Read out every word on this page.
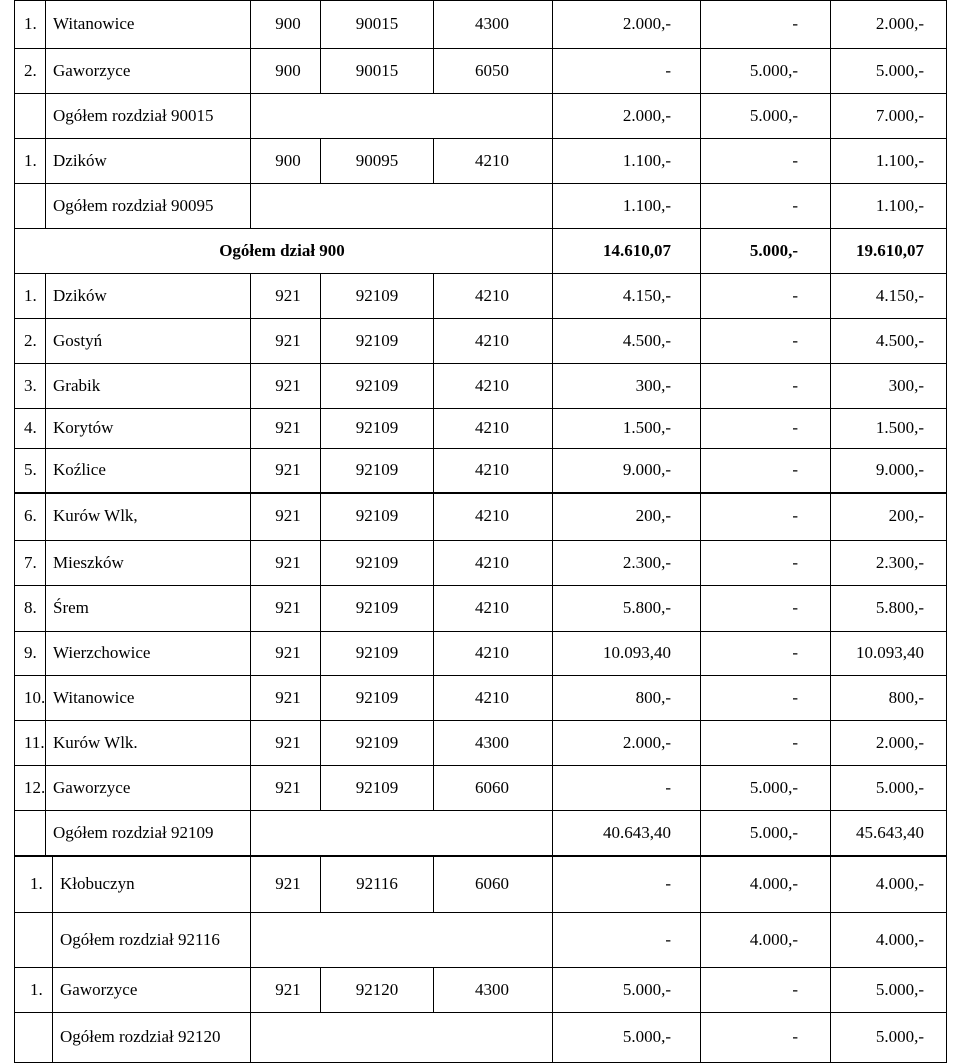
1. Witanowice	900	90015	4300	2.000,-	-	2.000,-
2. Gaworzyce	900	90015	6050	-	5.000,-	5.000,-
Ogółem rozdział 90015	2.000,-	5.000,-	7.000,-
1. Dzików	900	90095	4210	1.100,-	-	1.100,-
Ogółem rozdział 90095	1.100,-	-	1.100,-
Ogółem dział 900	14.610,07	5.000,-	19.610,07
1. Dzików	921	92109	4210	4.150,-	-	4.150,-
2. Gostyń	921	92109	4210	4.500,-	-	4.500,-
3. Grabik	921	92109	4210	300,-	-	300,-
4. Korytów	921	92109	4210	1.500,-	-	1.500,-
5. Koźlice	921	92109	4210	9.000,-	-	9.000,-
6. Kurów Wlk,	921	92109	4210	200,-	-	200,-
7. Mieszków	921	92109	4210	2.300,-	-	2.300,-
8. Śrem	921	92109	4210	5.800,-	-	5.800,-
9. Wierzchowice	921	92109	4210	10.093,40	-	10.093,40
10. Witanowice	921	92109	4210	800,-	-	800,-
11. Kurów Wlk.	921	92109	4300	2.000,-	-	2.000,-
12. Gaworzyce	921	92109	6060	-	5.000,-	5.000,-
Ogółem rozdział 92109	40.643,40	5.000,-	45.643,40
1. Kłobuczyn	921	92116	6060	-	4.000,-	4.000,-
Ogółem rozdział 92116	-	4.000,-	4.000,-
1. Gaworzyce	921	92120	4300	5.000,-	-	5.000,-
Ogółem rozdział 92120	5.000,-	-	5.000,-
